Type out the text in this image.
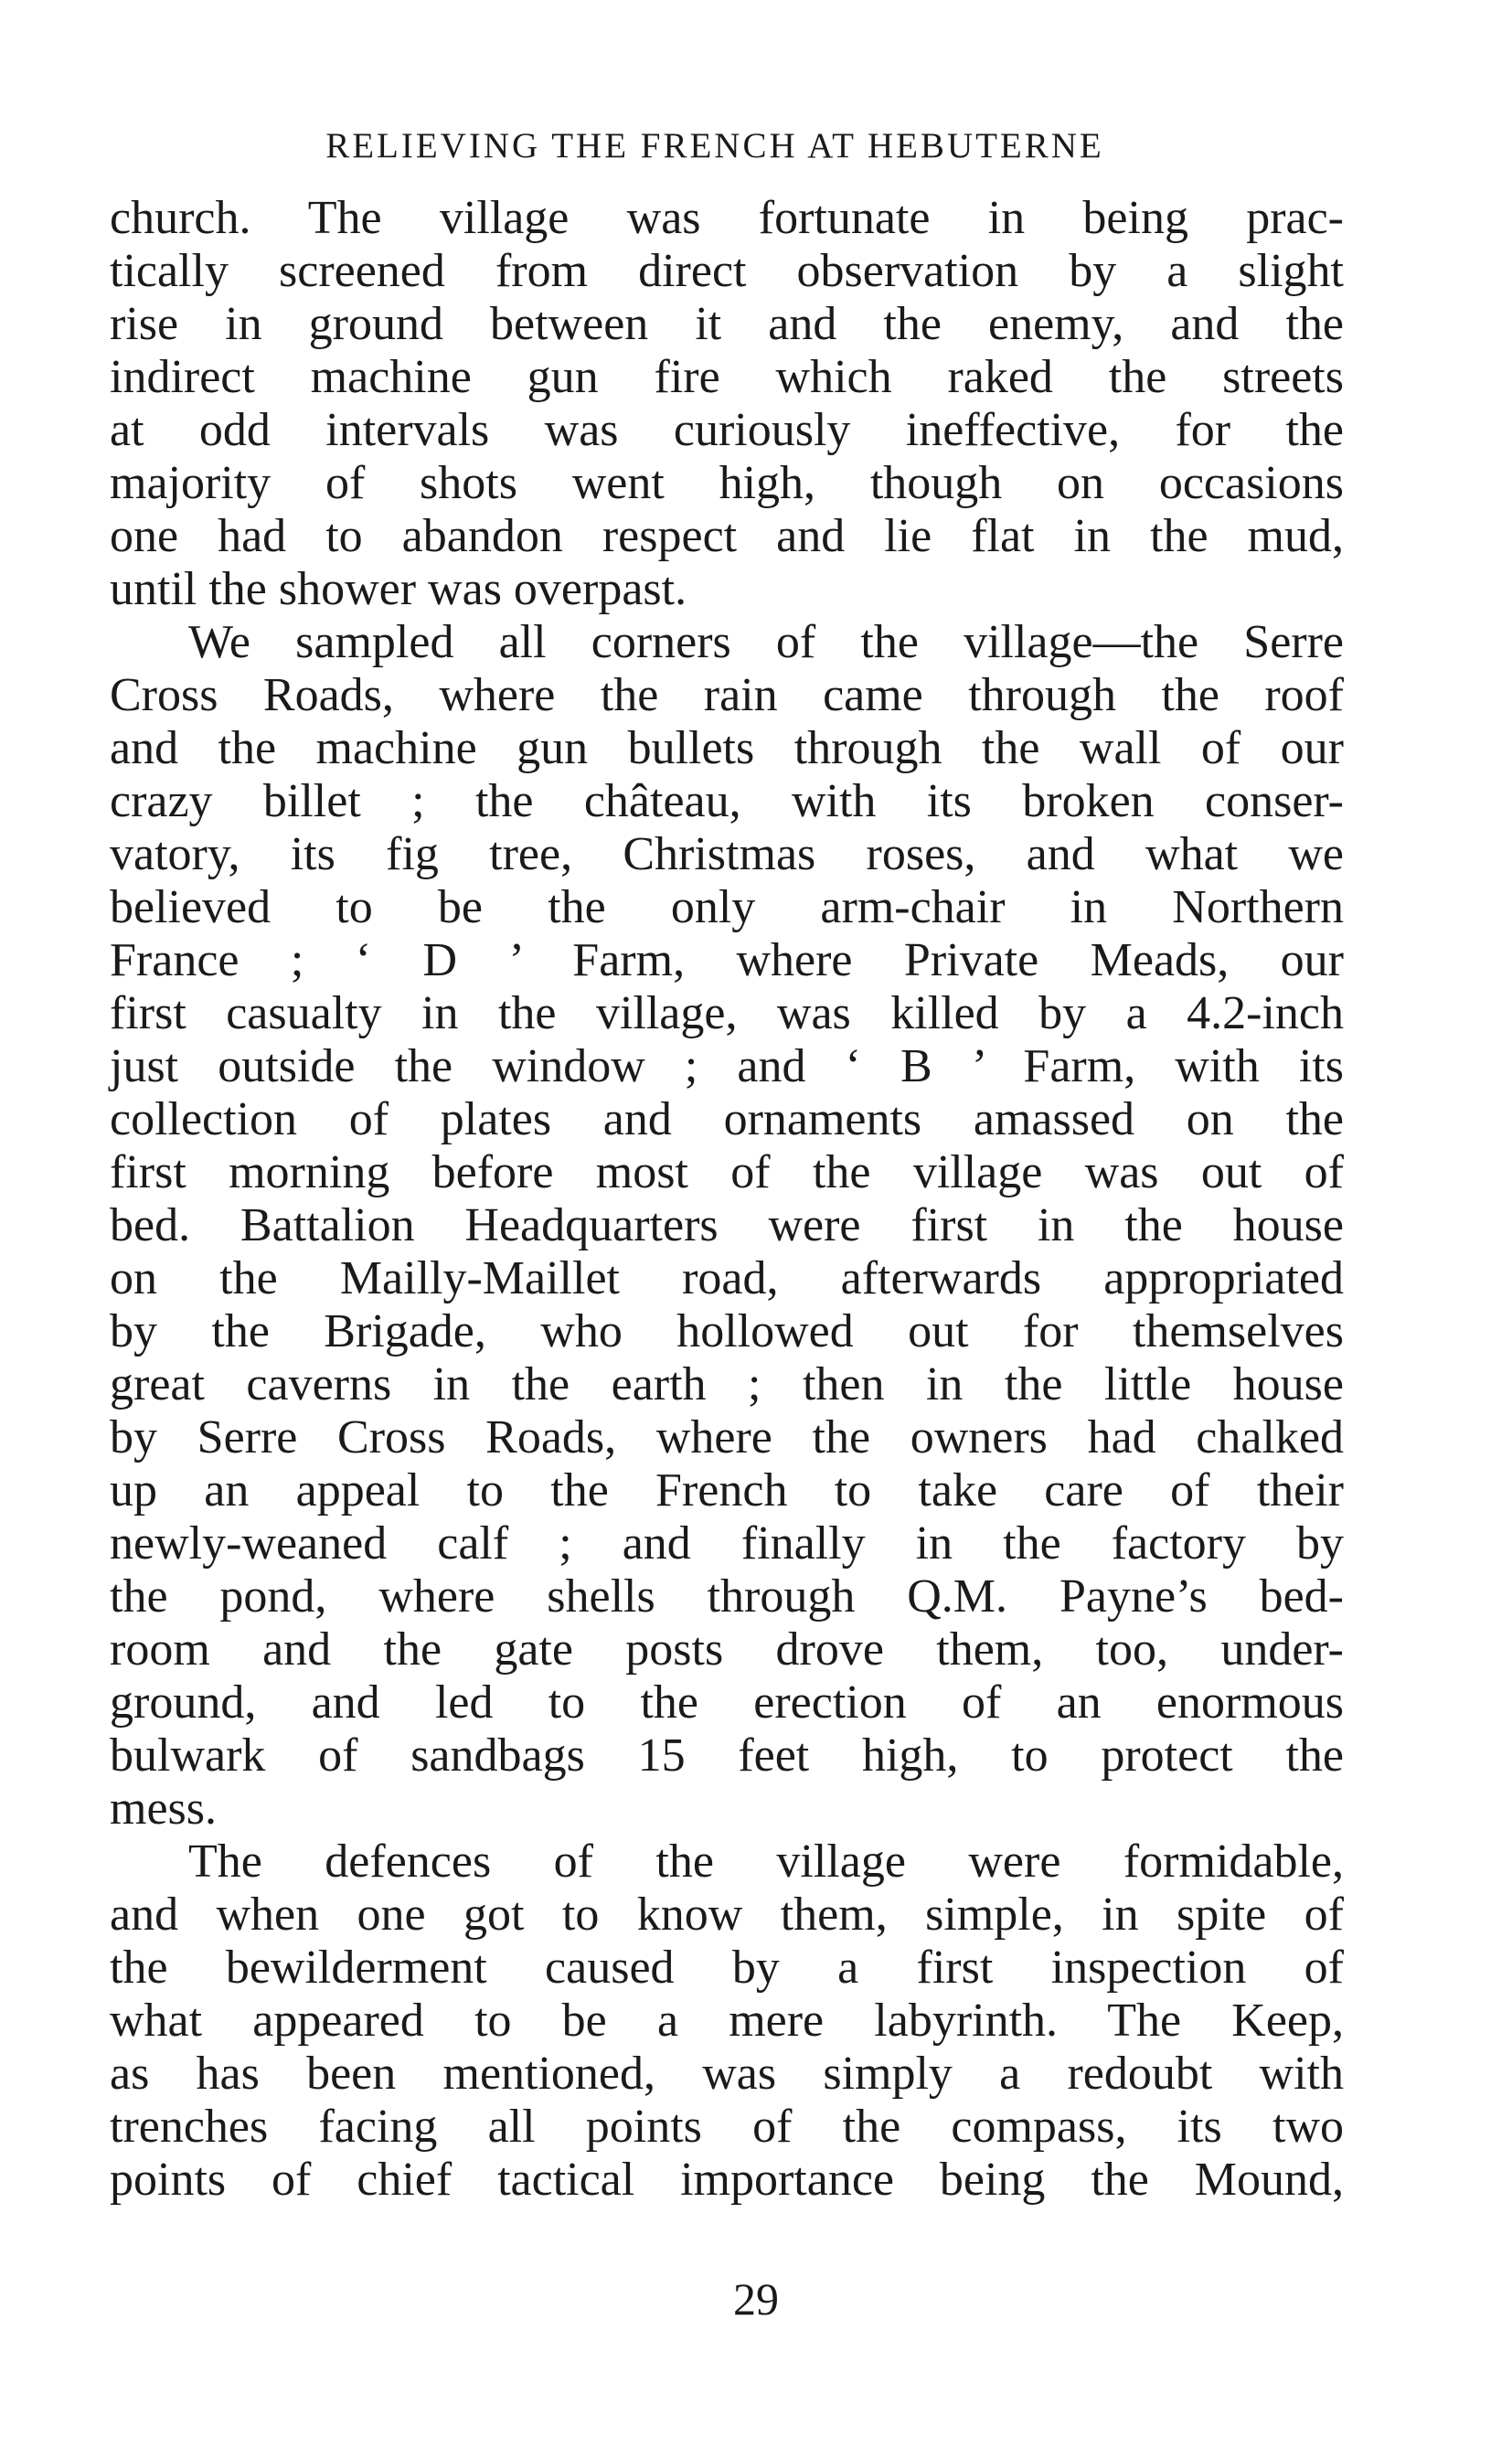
RELIEVING THE FRENCH AT HEBUTERNE
church. The village was fortunate in being prac-
tically screened from direct observation by a slight
rise in ground between it and the enemy, and the
indirect machine gun fire which raked the streets
at odd intervals was curiously ineffective, for the
majority of shots went high, though on occasions
one had to abandon respect and lie flat in the mud,
until the shower was overpast.
We sampled all corners of the village—the Serre
Cross Roads, where the rain came through the roof
and the machine gun bullets through the wall of our
crazy billet ; the château, with its broken conser-
vatory, its fig tree, Christmas roses, and what we
believed to be the only arm-chair in Northern
France ; ‘ D ’ Farm, where Private Meads, our
first casualty in the village, was killed by a 4.2-inch
just outside the window ; and ‘ B ’ Farm, with its
collection of plates and ornaments amassed on the
first morning before most of the village was out of
bed. Battalion Headquarters were first in the house
on the Mailly-Maillet road, afterwards appropriated
by the Brigade, who hollowed out for themselves
great caverns in the earth ; then in the little house
by Serre Cross Roads, where the owners had chalked
up an appeal to the French to take care of their
newly-weaned calf ; and finally in the factory by
the pond, where shells through Q.M. Payne’s bed-
room and the gate posts drove them, too, under-
ground, and led to the erection of an enormous
bulwark of sandbags 15 feet high, to protect the
mess.
The defences of the village were formidable,
and when one got to know them, simple, in spite of
the bewilderment caused by a first inspection of
what appeared to be a mere labyrinth. The Keep,
as has been mentioned, was simply a redoubt with
trenches facing all points of the compass, its two
points of chief tactical importance being the Mound,
29
